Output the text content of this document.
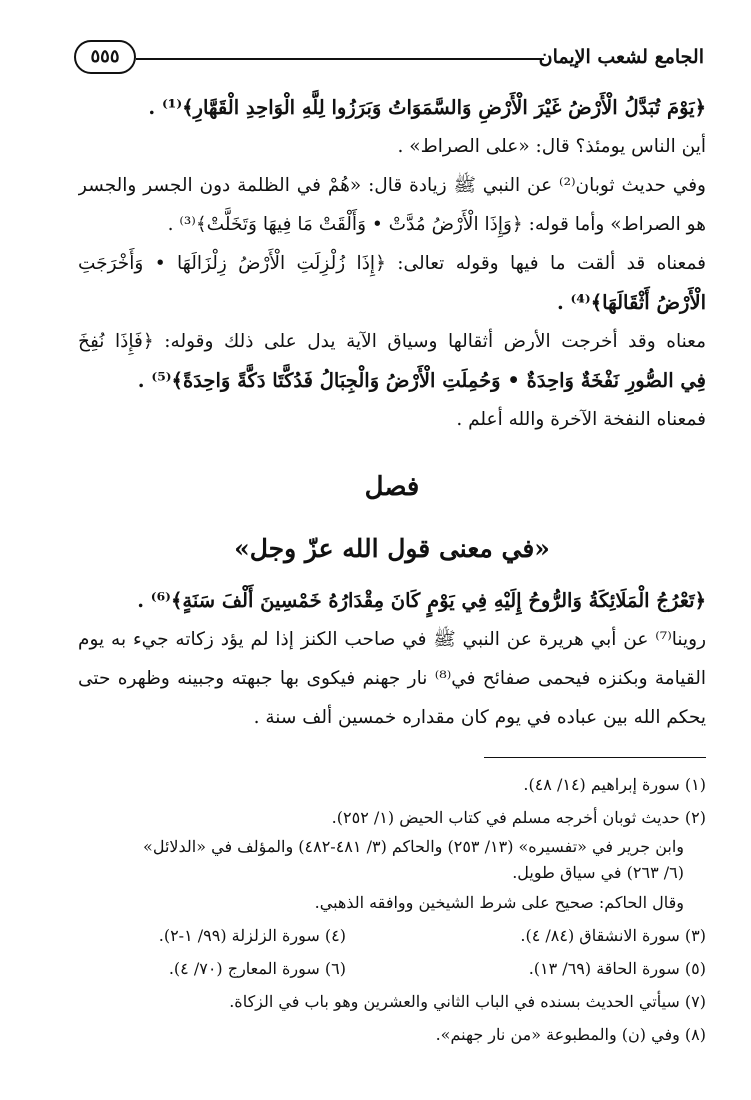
الجامع لشعب الإيمان
٥٥٥
﴿يَوْمَ تُبَدَّلُ الْأَرْضُ غَيْرَ الْأَرْضِ وَالسَّمَوَاتُ وَبَرَزُوا لِلَّهِ الْوَاحِدِ الْقَهَّارِ﴾⁽¹⁾ .
أين الناس يومئذ؟ قال: «على الصراط» .
وفي حديث ثوبان⁽²⁾ عن النبي ﷺ زيادة قال: «هُمْ في الظلمة دون الجسر والجسر
هو الصراط» وأما قوله: ﴿وَإِذَا الْأَرْضُ مُدَّتْ • وَأَلْقَتْ مَا فِيهَا وَتَخَلَّتْ﴾⁽³⁾ .
فمعناه قد ألقت ما فيها وقوله تعالى: ﴿إِذَا زُلْزِلَتِ الْأَرْضُ زِلْزَالَهَا • وَأَخْرَجَتِ
الْأَرْضُ أَثْقَالَهَا﴾⁽⁴⁾ .
معناه وقد أخرجت الأرض أثقالها وسياق الآية يدل على ذلك وقوله: ﴿فَإِذَا نُفِخَ
فِي الصُّورِ نَفْخَةٌ وَاحِدَةٌ • وَحُمِلَتِ الْأَرْضُ وَالْجِبَالُ فَدُكَّتَا دَكَّةً وَاحِدَةً﴾⁽⁵⁾ .
فمعناه النفخة الآخرة والله أعلم .
فصل
«في معنى قول الله عزّ وجل»
﴿تَعْرُجُ الْمَلَائِكَةُ وَالرُّوحُ إِلَيْهِ فِي يَوْمٍ كَانَ مِقْدَارُهُ خَمْسِينَ أَلْفَ سَنَةٍ﴾⁽⁶⁾ .
روينا⁽⁷⁾ عن أبي هريرة عن النبي ﷺ في صاحب الكنز إذا لم يؤد زكاته جيء به يوم
القيامة وبكنزه فيحمى صفائح في⁽⁸⁾ نار جهنم فيكوى بها جبهته وجبينه وظهره حتى
يحكم الله بين عباده في يوم كان مقداره خمسين ألف سنة .
(١) سورة إبراهيم (١٤/ ٤٨).
(٢) حديث ثوبان أخرجه مسلم في كتاب الحيض (١/ ٢٥٢).
وابن جرير في «تفسيره» (١٣/ ٢٥٣) والحاكم (٣/ ٤٨١-٤٨٢) والمؤلف في «الدلائل»
(٦/ ٢٦٣) في سياق طويل.
وقال الحاكم: صحيح على شرط الشيخين ووافقه الذهبي.
(٣) سورة الانشقاق (٨٤/ ٤).
(٤) سورة الزلزلة (٩٩/ ١-٢).
(٥) سورة الحاقة (٦٩/ ١٣).
(٦) سورة المعارج (٧٠/ ٤).
(٧) سيأتي الحديث بسنده في الباب الثاني والعشرين وهو باب في الزكاة.
(٨) وفي (ن) والمطبوعة «من نار جهنم».
